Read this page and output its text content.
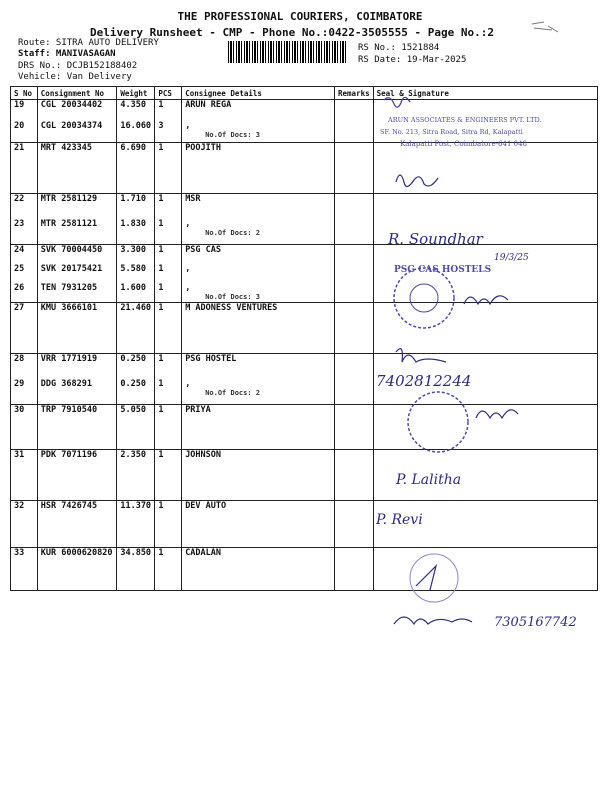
THE PROFESSIONAL COURIERS, COIMBATORE
Delivery Runsheet - CMP - Phone No.:0422-3505555 - Page No.:2
Route: SITRA AUTO DELIVERY
Staff: MANIVASAGAN
DRS No.: DCJB152188402
Vehicle: Van Delivery
RS No.: 1521884
RS Date: 19-Mar-2025
S No	Consignment No	Weight	PCS	Consignee Details	Remarks	Seal & Signature
19	CGL 20034402	4.350	1	ARUN REGA		
20	CGL 20034374	16.060	3	,
No.Of Docs: 3		

21	MRT 423345	6.690	1	POOJITH		
22	MTR 2581129	1.710	1	MSR		
23	MTR 2581121	1.830	1	,
No.Of Docs: 2		

24	SVK 70004450	3.300	1	PSG CAS		
25	SVK 20175421	5.580	1	,		
26	TEN 7931205	1.600	1	,
No.Of Docs: 3		

27	KMU 3666101	21.460	1	M ADONESS VENTURES		
28	VRR 1771919	0.250	1	PSG HOSTEL		
29	DDG 368291	0.250	1	,
No.Of Docs: 2		

30	TRP 7910540	5.050	1	PRIYA		
31	PDK 7071196	2.350	1	JOHNSON		
32	HSR 7426745	11.370	1	DEV AUTO		
33	KUR 6000620820	34.850	1	CADALAN		
ARUN ASSOCIATES & ENGINEERS PVT. LTD.
SF. No. 213, Sitra Road, Sitra Rd, Kalapatti
Kalapatti Post, Coimbatore-641 048
R. Soundhar
19/3/25
PSG CAS HOSTELS
7402812244
P. Lalitha
P. Revi
7305167742
